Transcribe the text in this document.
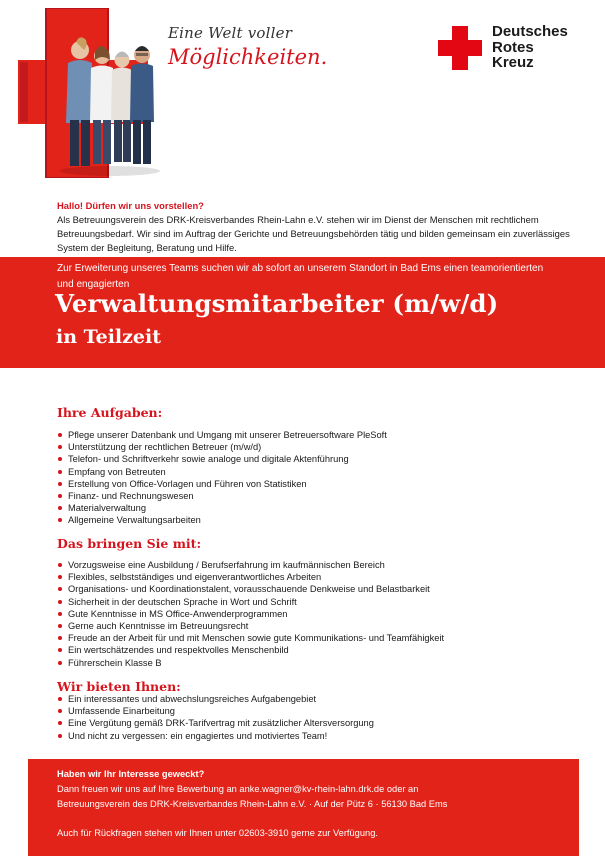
Eine Welt voller
Möglichkeiten.
Deutsches
Rotes
Kreuz
Hallo! Dürfen wir uns vorstellen?
Als Betreuungsverein des DRK-Kreisverbandes Rhein-Lahn e.V. stehen wir im Dienst der Menschen mit rechtlichem Betreuungsbedarf. Wir sind im Auftrag der Gerichte und Betreuungsbehörden tätig und bilden gemeinsam ein zuverlässiges System der Begleitung, Beratung und Hilfe.
Zur Erweiterung unseres Teams suchen wir ab sofort an unserem Standort in Bad Ems einen teamorientierten und engagierten
Verwaltungsmitarbeiter (m/w/d)
in Teilzeit
Ihre Aufgaben:
Pflege unserer Datenbank und Umgang mit unserer Betreuersoftware PleSoft
Unterstützung der rechtlichen Betreuer (m/w/d)
Telefon- und Schriftverkehr sowie analoge und digitale Aktenführung
Empfang von Betreuten
Erstellung von Office-Vorlagen und Führen von Statistiken
Finanz- und Rechnungswesen
Materialverwaltung
Allgemeine Verwaltungsarbeiten
Das bringen Sie mit:
Vorzugsweise eine Ausbildung / Berufserfahrung im kaufmännischen Bereich
Flexibles, selbstständiges und eigenverantwortliches Arbeiten
Organisations- und Koordinationstalent, vorausschauende Denkweise und Belastbarkeit
Sicherheit in der deutschen Sprache in Wort und Schrift
Gute Kenntnisse in MS Office-Anwenderprogrammen
Gerne auch Kenntnisse im Betreuungsrecht
Freude an der Arbeit für und mit Menschen sowie gute Kommunikations- und Teamfähigkeit
Ein wertschätzendes und respektvolles Menschenbild
Führerschein Klasse B
Wir bieten Ihnen:
Ein interessantes und abwechslungsreiches Aufgabengebiet
Umfassende Einarbeitung
Eine Vergütung gemäß DRK-Tarifvertrag mit zusätzlicher Altersversorgung
Und nicht zu vergessen: ein engagiertes und motiviertes Team!
Haben wir Ihr Interesse geweckt?
Dann freuen wir uns auf Ihre Bewerbung an anke.wagner@kv-rhein-lahn.drk.de oder an
Betreuungsverein des DRK-Kreisverbandes Rhein-Lahn e.V. · Auf der Pütz 6 · 56130 Bad Ems
Auch für Rückfragen stehen wir Ihnen unter 02603-3910 gerne zur Verfügung.
